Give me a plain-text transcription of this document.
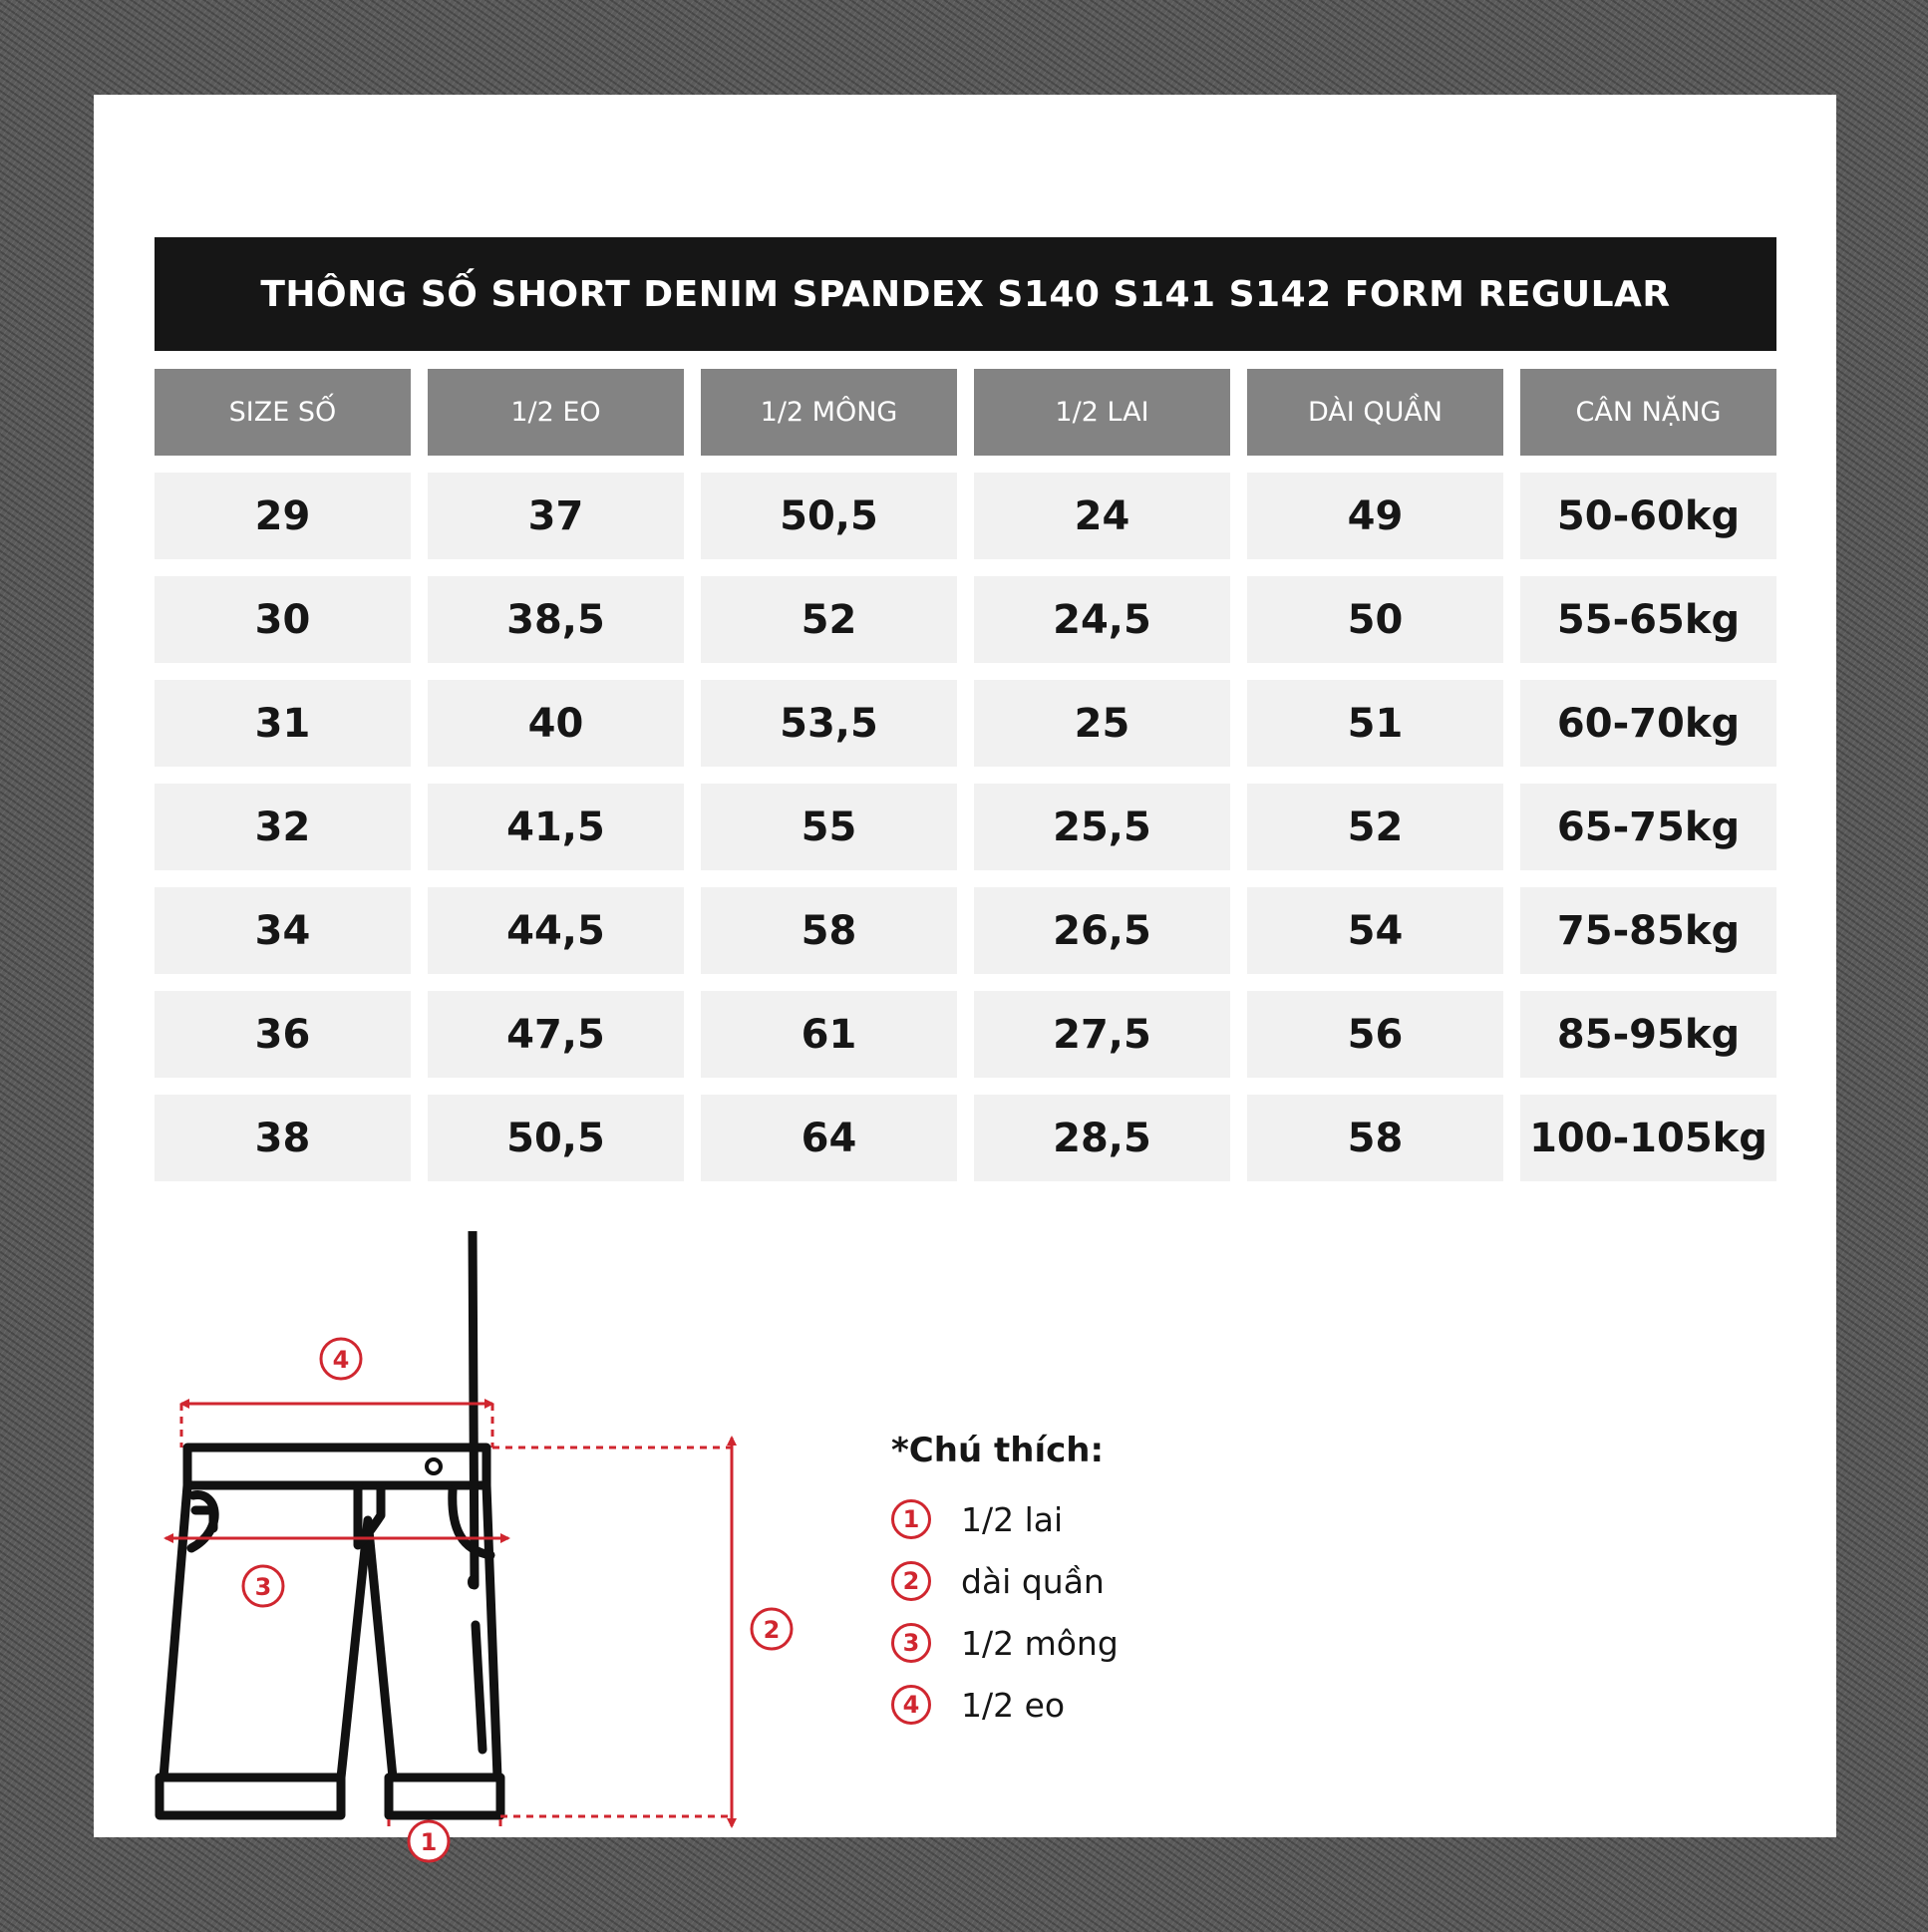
THÔNG SỐ SHORT DENIM SPANDEX S140 S141 S142 FORM REGULAR
SIZE SỐ	1/2 EO	1/2 MÔNG	1/2 LAI	DÀI QUẦN	CÂN NẶNG
29	37	50,5	24	49	50-60kg
30	38,5	52	24,5	50	55-65kg
31	40	53,5	25	51	60-70kg
32	41,5	55	25,5	52	65-75kg
34	44,5	58	26,5	54	75-85kg
36	47,5	61	27,5	56	85-95kg
38	50,5	64	28,5	58	100-105kg
4
3
2
1
*Chú thích:
1	1/2 lai
2	dài quần
3	1/2 mông
4	1/2 eo
